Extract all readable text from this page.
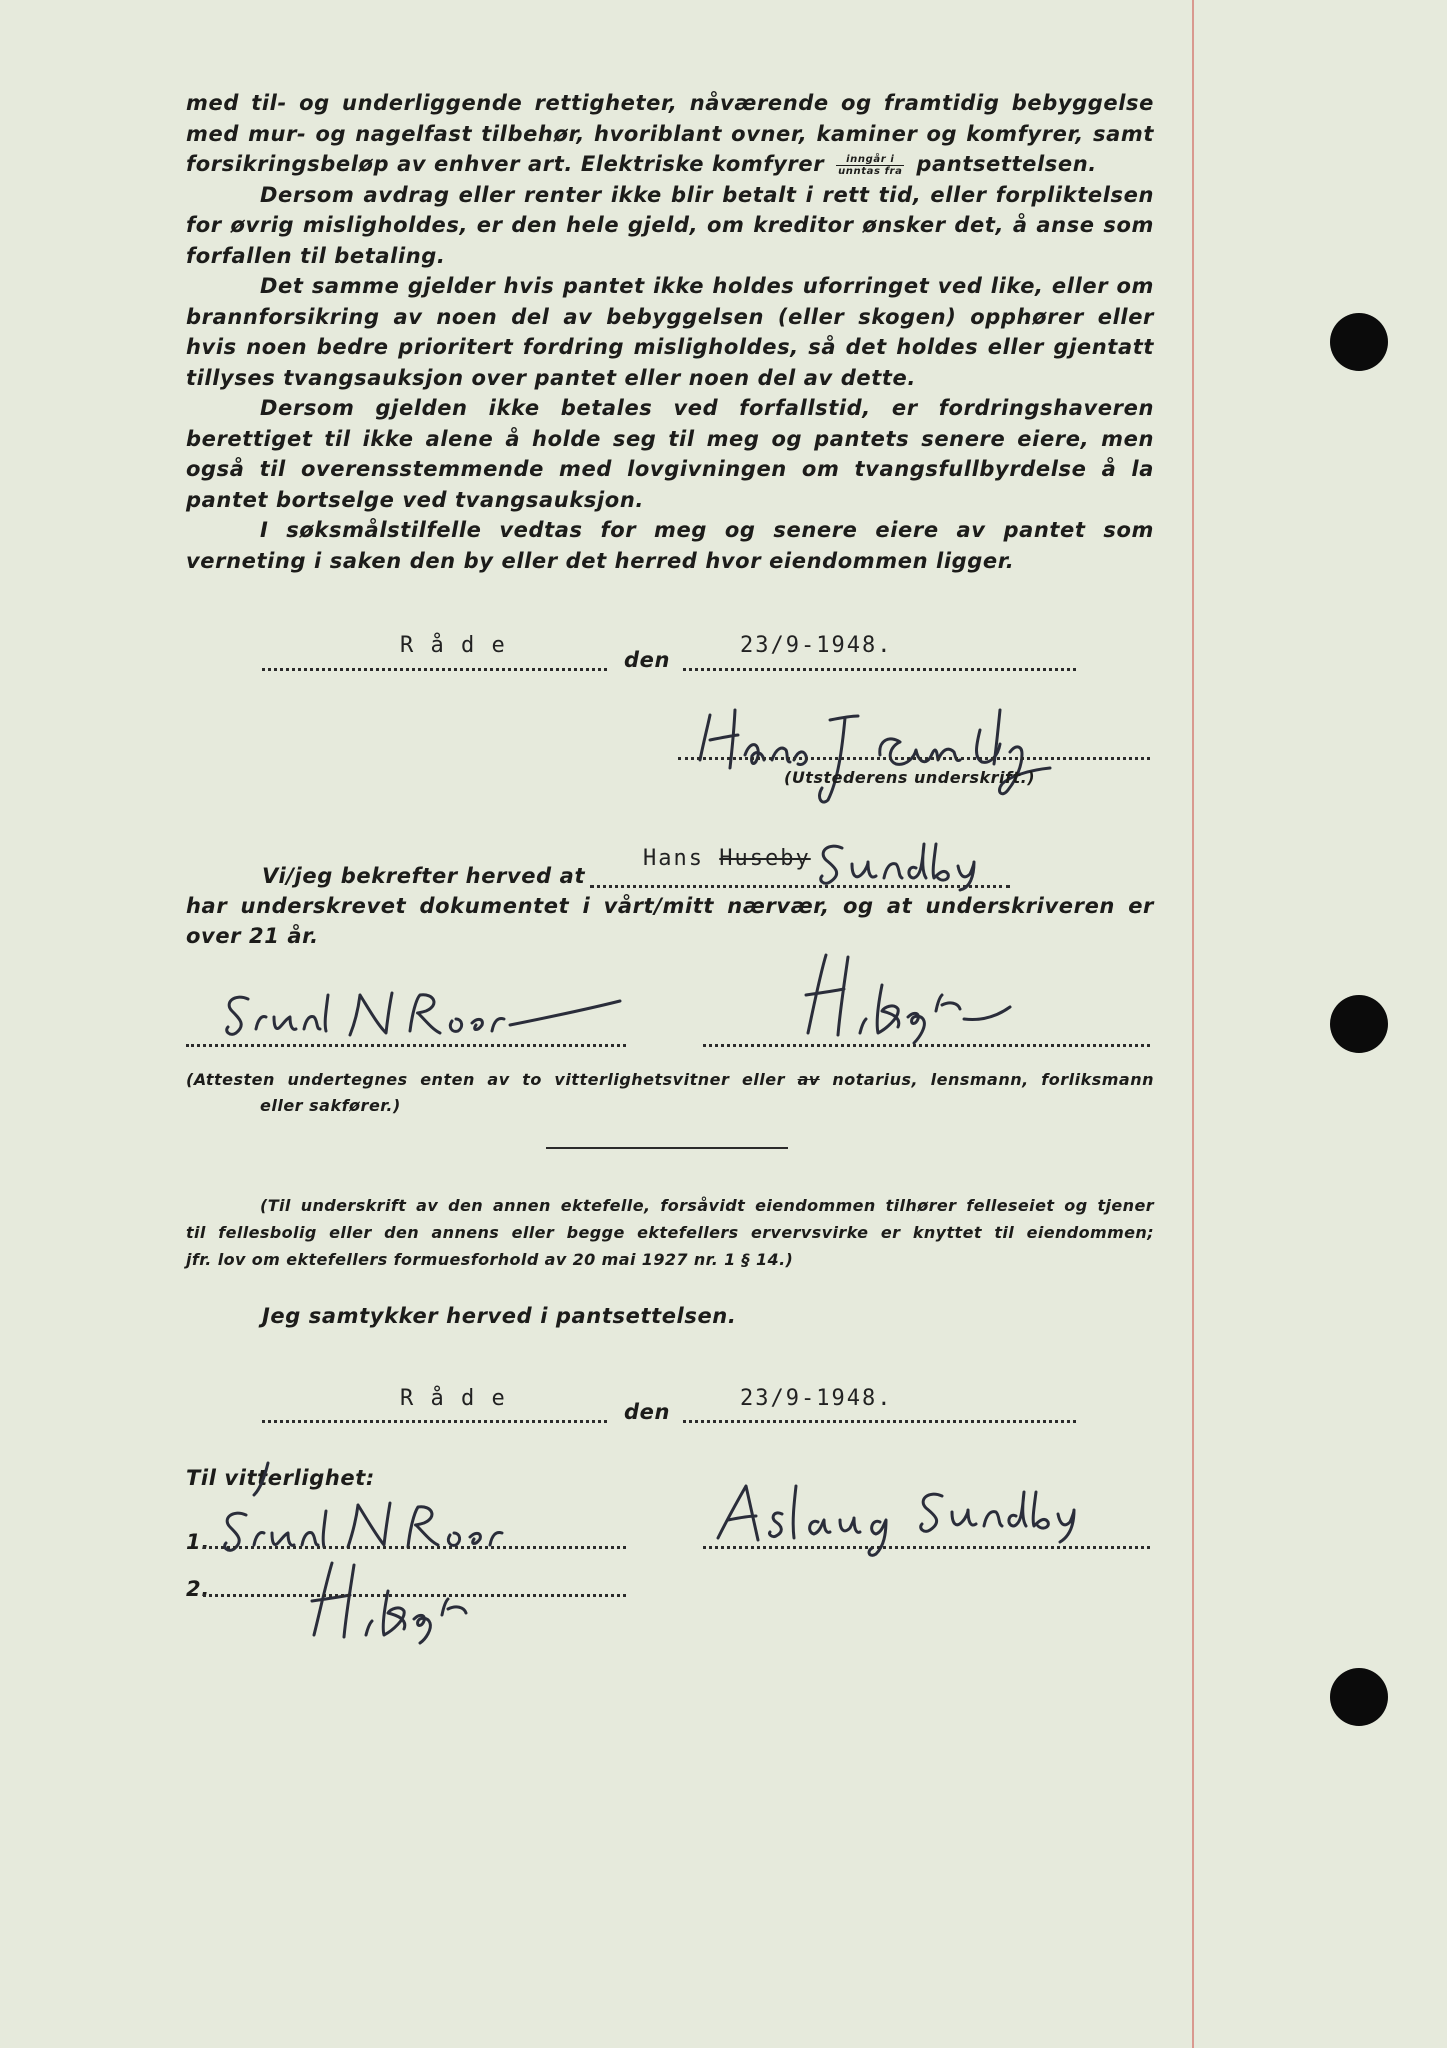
med til- og underliggende rettigheter, nåværende og framtidig bebyggelse med mur- og nagelfast tilbehør, hvoriblant ovner, kaminer og komfyrer, samt forsikringsbeløp av enhver art. Elektriske komfyrer $\frac{\text{inngår i}}{\text{unntas fra}}$ pantsettelsen.

Dersom avdrag eller renter ikke blir betalt i rett tid, eller forpliktelsen for øvrig misligholdes, er den hele gjeld, om kreditor ønsker det, å anse som forfallen til betaling.

Det samme gjelder hvis pantet ikke holdes uforringet ved like, eller om brannforsikring av noen del av bebyggelsen (eller skogen) opphører eller hvis noen bedre prioritert fordring misligholdes, så det holdes eller gjentatt tillyses tvangsauksjon over pantet eller noen del av dette.

Dersom gjelden ikke betales ved forfallstid, er fordringshaveren berettiget til ikke alene å holde seg til meg og pantets senere eiere, men også til overensstemmende med lovgivningen om tvangsfullbyrdelse å la pantet bortselge ved tvangsauksjon.

I søksmålstilfelle vedtas for meg og senere eiere av pantet som verneting i saken den by eller det herred hvor eiendommen ligger.

R å d e
den
23/9-1948.
(Utstederens underskrift.)
Vi/jeg bekrefter herved at
Hans Huseby
har underskrevet dokumentet i vårt/mitt nærvær, og at underskriveren er
over 21 år.
(Attesten undertegnes enten av to vitterlighetsvitner eller av notarius, lensmann, forliksmann
eller sakfører.)
(Til underskrift av den annen ektefelle, forsåvidt eiendommen tilhører felleseiet og tjener
til fellesbolig eller den annens eller begge ektefellers ervervsvirke er knyttet til eiendommen;
jfr. lov om ektefellers formuesforhold av 20 mai 1927 nr. 1 § 14.)
Jeg samtykker herved i pantsettelsen.
R å d e
den
23/9-1948.
Til vitterlighet:
1.
2.
